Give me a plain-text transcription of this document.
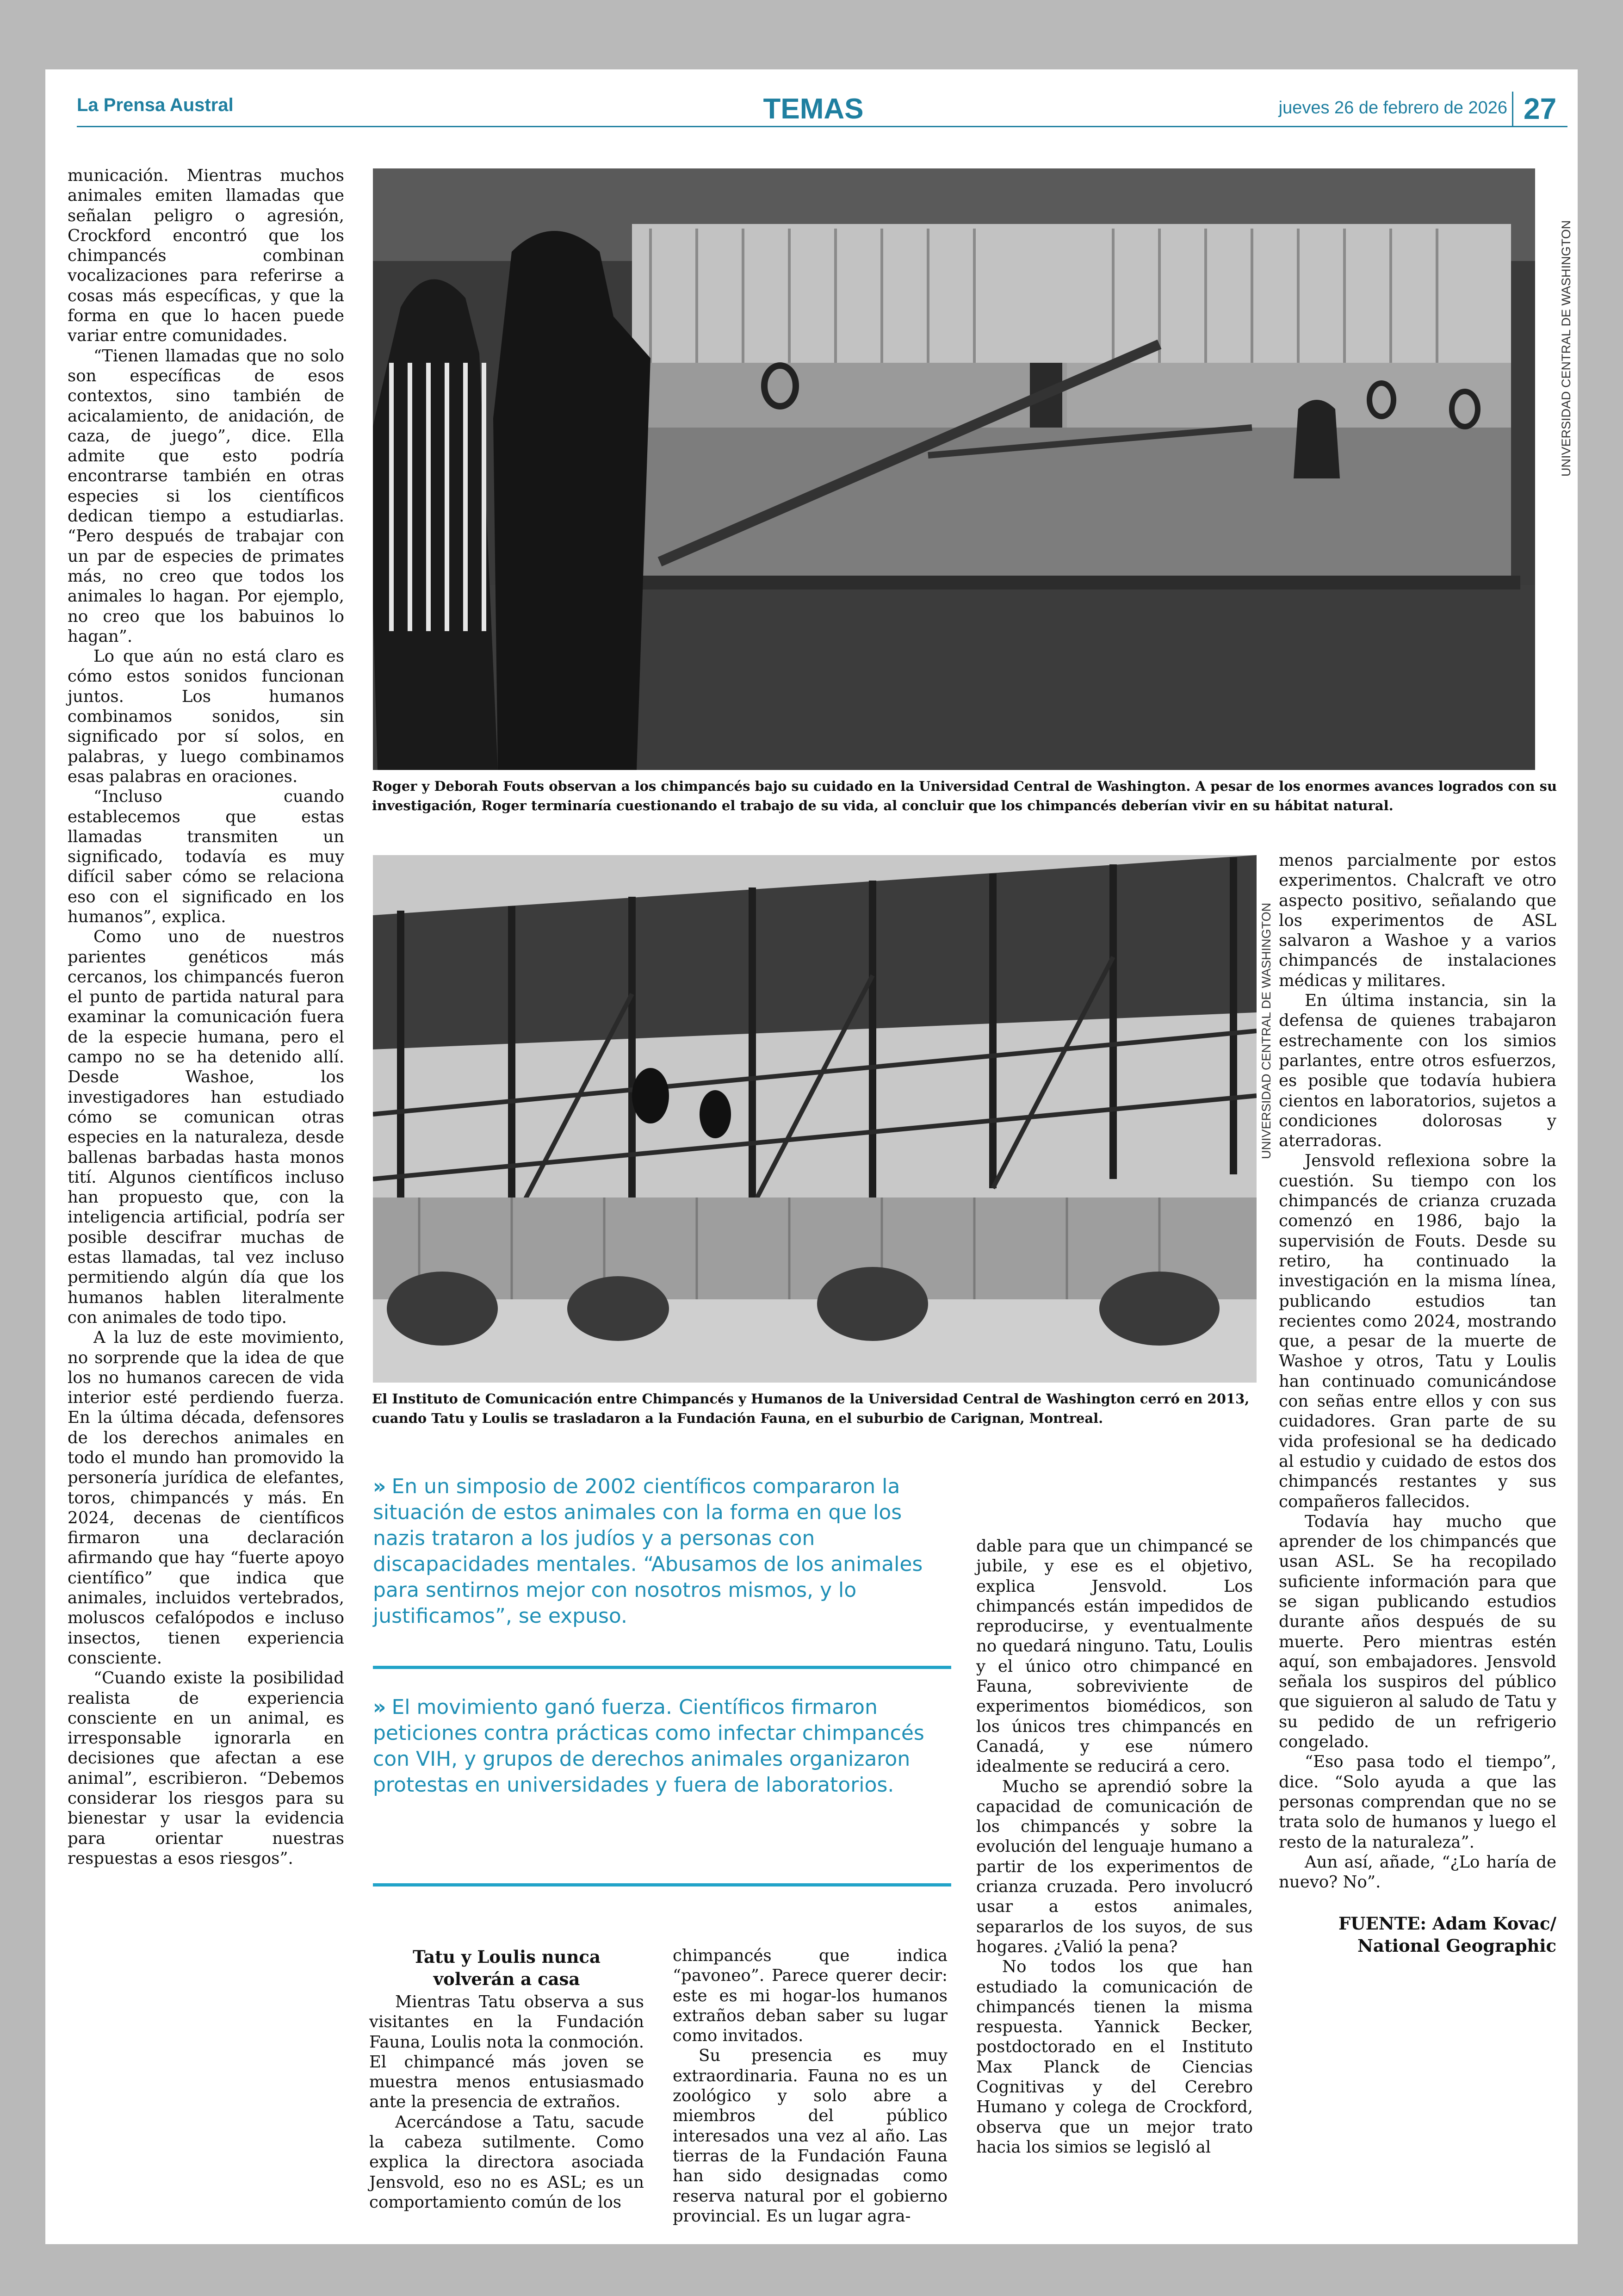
La Prensa Austral	TEMAS	jueves 26 de febrero de 2026 27

municación. Mientras muchos animales emiten llamadas que señalan peligro o agresión, Crockford encontró que los chimpancés combinan vocalizaciones para referirse a cosas más específicas, y que la forma en que lo hacen puede variar entre comunidades.

“Tienen llamadas que no solo son específicas de esos contextos, sino también de acicalamiento, de anidación, de caza, de juego”, dice. Ella admite que esto podría encontrarse también en otras especies si los científicos dedican tiempo a estudiarlas. “Pero después de trabajar con un par de especies de primates más, no creo que todos los animales lo hagan. Por ejemplo, no creo que los babuinos lo hagan”.

Lo que aún no está claro es cómo estos sonidos funcionan juntos. Los humanos combinamos sonidos, sin significado por sí solos, en palabras, y luego combinamos esas palabras en oraciones.

“Incluso cuando establecemos que estas llamadas transmiten un significado, todavía es muy difícil saber cómo se relaciona eso con el significado en los humanos”, explica.

Como uno de nuestros parientes genéticos más cercanos, los chimpancés fueron el punto de partida natural para examinar la comunicación fuera de la especie humana, pero el campo no se ha detenido allí. Desde Washoe, los investigadores han estudiado cómo se comunican otras especies en la naturaleza, desde ballenas barbadas hasta monos tití. Algunos científicos incluso han propuesto que, con la inteligencia artificial, podría ser posible descifrar muchas de estas llamadas, tal vez incluso permitiendo algún día que los humanos hablen literalmente con animales de todo tipo.

A la luz de este movimiento, no sorprende que la idea de que los no humanos carecen de vida interior esté perdiendo fuerza. En la última década, defensores de los derechos animales en todo el mundo han promovido la personería jurídica de elefantes, toros, chimpancés y más. En 2024, decenas de científicos firmaron una declaración afirmando que hay “fuerte apoyo científico” que indica que animales, incluidos vertebrados, moluscos cefalópodos e incluso insectos, tienen experiencia consciente.

“Cuando existe la posibilidad realista de experiencia consciente en un animal, es irresponsable ignorarla en decisiones que afectan a ese animal”, escribieron. “Debemos considerar los riesgos para su bienestar y usar la evidencia para orientar nuestras respuestas a esos riesgos”.

UNIVERSIDAD CENTRAL DE WASHINGTON
Roger y Deborah Fouts observan a los chimpancés bajo su cuidado en la Universidad Central de Washington. A pesar de los enormes avances logrados con su investigación, Roger terminaría cuestionando el trabajo de su vida, al concluir que los chimpancés deberían vivir en su hábitat natural.
UNIVERSIDAD CENTRAL DE WASHINGTON
El Instituto de Comunicación entre Chimpancés y Humanos de la Universidad Central de Washington cerró en 2013, cuando Tatu y Loulis se trasladaron a la Fundación Fauna, en el suburbio de Carignan, Montreal.
» En un simposio de 2002 científicos compararon la situación de estos animales con la forma en que los nazis trataron a los judíos y a personas con discapacidades mentales. “Abusamos de los animales para sentirnos mejor con nosotros mismos, y lo justificamos”, se expuso.
» El movimiento ganó fuerza. Científicos firmaron peticiones contra prácticas como infectar chimpancés con VIH, y grupos de derechos animales organizaron protestas en universidades y fuera de laboratorios.

Tatu y Loulis nunca volverán a casa

Mientras Tatu observa a sus visitantes en la Fundación Fauna, Loulis nota la conmoción. El chimpancé más joven se muestra menos entusiasmado ante la presencia de extraños.

Acercándose a Tatu, sacude la cabeza sutilmente. Como explica la directora asociada Jensvold, eso no es ASL; es un comportamiento común de los

chimpancés que indica “pavoneo”. Parece querer decir: este es mi hogar-los humanos extraños deban saber su lugar como invitados.

Su presencia es muy extraordinaria. Fauna no es un zoológico y solo abre a miembros del público interesados una vez al año. Las tierras de la Fundación Fauna han sido designadas como reserva natural por el gobierno provincial. Es un lugar agra-

dable para que un chimpancé se jubile, y ese es el objetivo, explica Jensvold. Los chimpancés están impedidos de reproducirse, y eventualmente no quedará ninguno. Tatu, Loulis y el único otro chimpancé en Fauna, sobreviviente de experimentos biomédicos, son los únicos tres chimpancés en Canadá, y ese número idealmente se reducirá a cero.

Mucho se aprendió sobre la capacidad de comunicación de los chimpancés y sobre la evolución del lenguaje humano a partir de los experimentos de crianza cruzada. Pero involucró usar a estos animales, separarlos de los suyos, de sus hogares. ¿Valió la pena?

No todos los que han estudiado la comunicación de chimpancés tienen la misma respuesta. Yannick Becker, postdoctorado en el Instituto Max Planck de Ciencias Cognitivas y del Cerebro Humano y colega de Crockford, observa que un mejor trato hacia los simios se legisló al

menos parcialmente por estos experimentos. Chalcraft ve otro aspecto positivo, señalando que los experimentos de ASL salvaron a Washoe y a varios chimpancés de instalaciones médicas y militares.

En última instancia, sin la defensa de quienes trabajaron estrechamente con los simios parlantes, entre otros esfuerzos, es posible que todavía hubiera cientos en laboratorios, sujetos a condiciones dolorosas y aterradoras.

Jensvold reflexiona sobre la cuestión. Su tiempo con los chimpancés de crianza cruzada comenzó en 1986, bajo la supervisión de Fouts. Desde su retiro, ha continuado la investigación en la misma línea, publicando estudios tan recientes como 2024, mostrando que, a pesar de la muerte de Washoe y otros, Tatu y Loulis han continuado comunicándose con señas entre ellos y con sus cuidadores. Gran parte de su vida profesional se ha dedicado al estudio y cuidado de estos dos chimpancés restantes y sus compañeros fallecidos.

Todavía hay mucho que aprender de los chimpancés que usan ASL. Se ha recopilado suficiente información para que se sigan publicando estudios durante años después de su muerte. Pero mientras estén aquí, son embajadores. Jensvold señala los suspiros del público que siguieron al saludo de Tatu y su pedido de un refrigerio congelado.

“Eso pasa todo el tiempo”, dice. “Solo ayuda a que las personas comprendan que no se trata solo de humanos y luego el resto de la naturaleza”.

Aun así, añade, “¿Lo haría de nuevo? No”.

FUENTE: Adam Kovac/ National Geographic
